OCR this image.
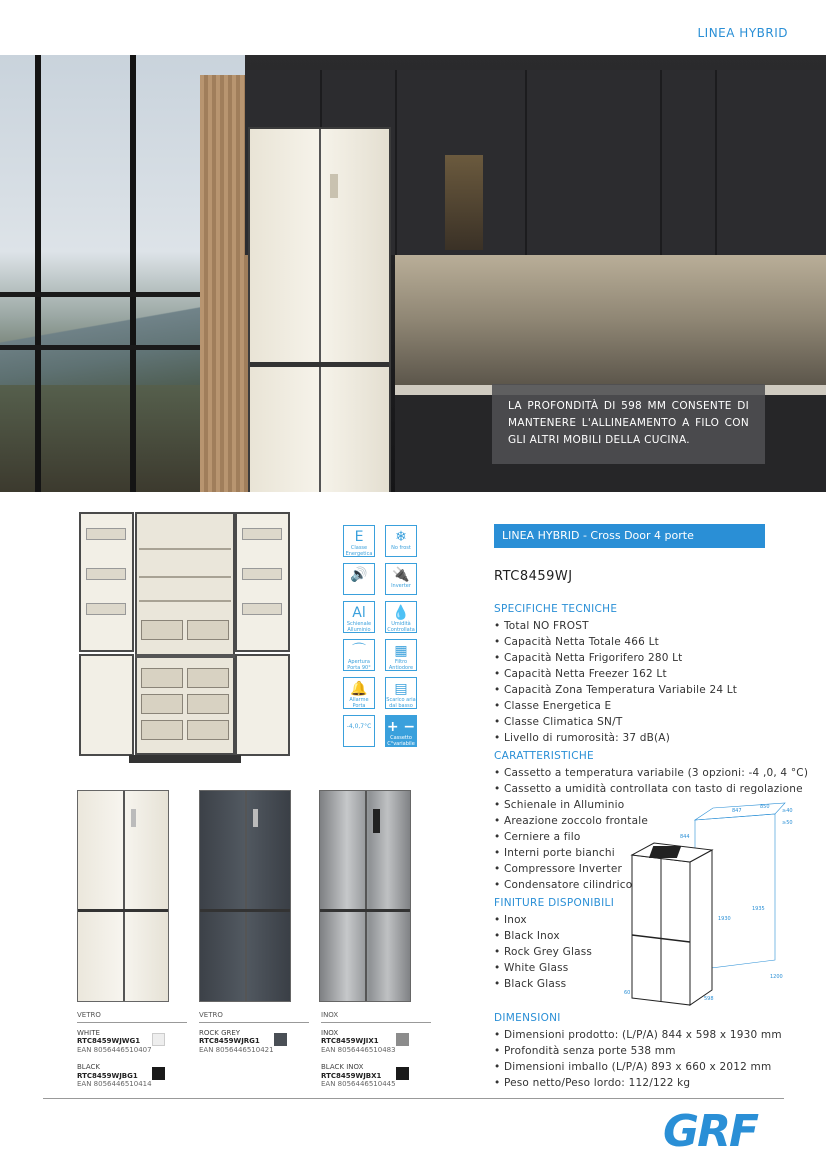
LINEA HYBRID

LA PROFONDITÀ DI 598 MM CONSENTE DI MANTENERE L'ALLINEAMENTO A FILO CON GLI ALTRI MOBILI DELLA CUCINA.

E
Classe Energetica
❄
No frost
🔊 🔌
Inverter
Al
Schienale Alluminio
💧
Umidità Controllata
⌒
Apertura Porta 90°
▦
Filtro Antiodore
🔔
Allarme Porta
▤
Scarico aria dal basso
-4,0,7°C + −
Cassetto C°variabile
VETRO
WHITE
RTC8459WJWG1
EAN 8056446510407
BLACK
RTC8459WJBG1
EAN 8056446510414
VETRO
ROCK GREY
RTC8459WJRG1
EAN 8056446510421
INOX
INOX
RTC8459WJIX1
EAN 8056446510483
BLACK INOX
RTC8459WJBX1
EAN 8056446510445
LINEA HYBRID - Cross Door 4 porte
RTC8459WJ
SPECIFICHE TECNICHE
• Total NO FROST
• Capacità Netta Totale 466 Lt
• Capacità Netta Frigorifero 280 Lt
• Capacità Netta Freezer 162 Lt
• Capacità Zona Temperatura Variabile 24 Lt
• Classe Energetica E
• Classe Climatica SN/T
• Livello di rumorosità: 37 dB(A)
CARATTERISTICHE
• Cassetto a temperatura variabile (3 opzioni: -4 ,0, 4 °C)
• Cassetto a umidità controllata con tasto di regolazione
• Schienale in Alluminio
• Areazione zoccolo frontale
• Cerniere a filo
• Interni porte bianchi
• Compressore Inverter
• Condensatore cilindrico
FINITURE DISPONIBILI
• Inox
• Black Inox
• Rock Grey Glass
• White Glass
• Black Glass
DIMENSIONI
• Dimensioni prodotto: (L/P/A) 844 x 598 x 1930 mm
• Profondità senza porte 538 mm
• Dimensioni imballo (L/P/A) 893 x 660 x 2012 mm
• Peso netto/Peso lordo: 112/122 kg
850
847	≥40
≥50
844
1930
1935
60
598
1200
GRF
